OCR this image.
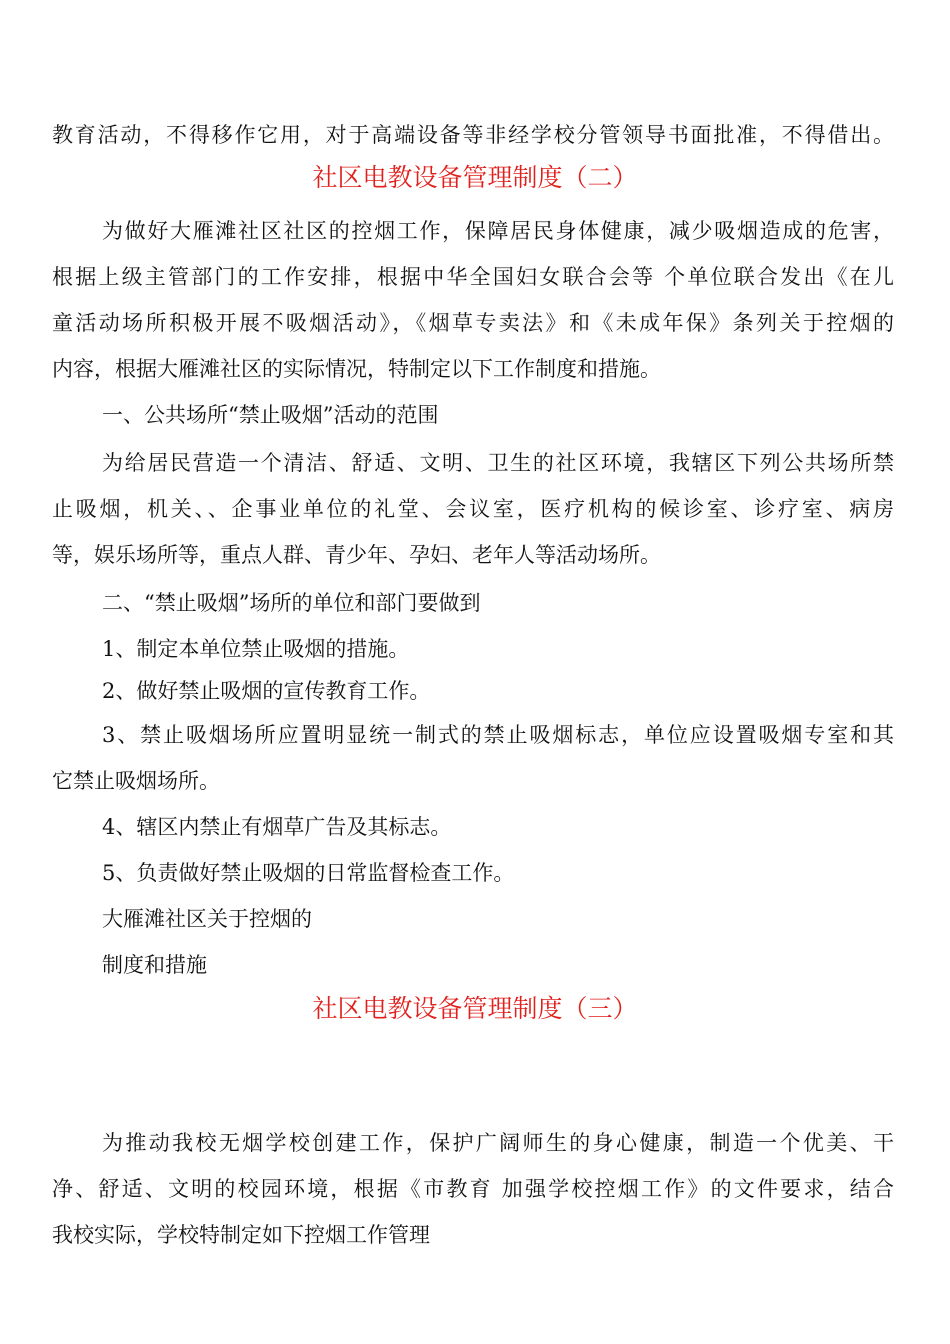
教育活动，不得移作它用，对于高端设备等非经学校分管领导书面批准，不得借出。
社区电教设备管理制度（二）
为做好大雁滩社区社区的控烟工作，保障居民身体健康，减少吸烟造成的危害，
根据上级主管部门的工作安排，根据中华全国妇女联合会等 个单位联合发出《在儿
童活动场所积极开展不吸烟活动》，《烟草专卖法》和《未成年保》条列关于控烟的
内容，根据大雁滩社区的实际情况，特制定以下工作制度和措施。
一、公共场所“禁止吸烟”活动的范围
为给居民营造一个清洁、舒适、文明、卫生的社区环境，我辖区下列公共场所禁
止吸烟，机关、、企事业单位的礼堂、会议室，医疗机构的候诊室、诊疗室、病房
等，娱乐场所等，重点人群、青少年、孕妇、老年人等活动场所。
二、“禁止吸烟”场所的单位和部门要做到
1、制定本单位禁止吸烟的措施。
2、做好禁止吸烟的宣传教育工作。
3、禁止吸烟场所应置明显统一制式的禁止吸烟标志，单位应设置吸烟专室和其
它禁止吸烟场所。
4、辖区内禁止有烟草广告及其标志。
5、负责做好禁止吸烟的日常监督检查工作。
大雁滩社区关于控烟的
制度和措施
社区电教设备管理制度（三）
为推动我校无烟学校创建工作，保护广阔师生的身心健康，制造一个优美、干
净、舒适、文明的校园环境，根据《市教育 加强学校控烟工作》的文件要求，结合
我校实际，学校特制定如下控烟工作管理
